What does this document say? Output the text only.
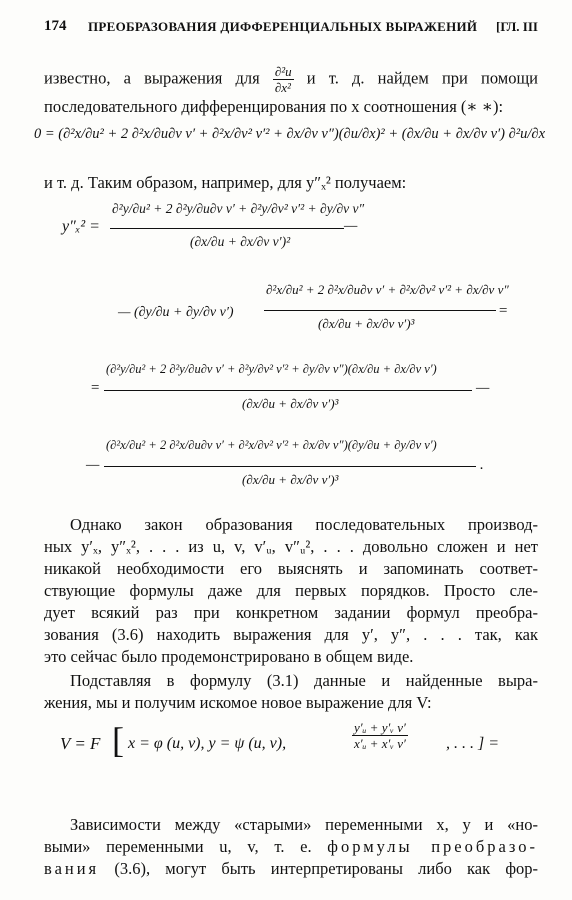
174 ПРЕОБРАЗОВАНИЯ ДИФФЕРЕНЦИАЛЬНЫХ ВЫРАЖЕНИЙ [ГЛ. III
известно, а выражения для $\frac{\text{∂²u}}{\text{∂x²}}$ и т. д. найдем при помощи
последовательного дифференцирования по x соотношения (∗ ∗):
0 = (∂²x/∂u² + 2 ∂²x/∂u∂v v′ + ∂²x/∂v² v′² + ∂x/∂v v″)(∂u/∂x)² + (∂x/∂u + ∂x/∂v v′) ∂²u/∂x
и т. д. Таким образом, например, для y″ₓ² получаем:
y″ₓ² =
∂²y/∂u² + 2 ∂²y/∂u∂v v′ + ∂²y/∂v² v′² + ∂y/∂v v″
(∂x/∂u + ∂x/∂v v′)²
—
— (∂y/∂u + ∂y/∂v v′)
∂²x/∂u² + 2 ∂²x/∂u∂v v′ + ∂²x/∂v² v′² + ∂x/∂v v″
(∂x/∂u + ∂x/∂v v′)³
=
=
(∂²y/∂u² + 2 ∂²y/∂u∂v v′ + ∂²y/∂v² v′² + ∂y/∂v v″)(∂x/∂u + ∂x/∂v v′)
(∂x/∂u + ∂x/∂v v′)³
—
—
(∂²x/∂u² + 2 ∂²x/∂u∂v v′ + ∂²x/∂v² v′² + ∂x/∂v v″)(∂y/∂u + ∂y/∂v v′)
(∂x/∂u + ∂x/∂v v′)³
.
Однако закон образования последовательных производ-
ных y′ₓ, y″ₓ², . . . из u, v, v′ᵤ, v″ᵤ², . . . довольно сложен и нет
никакой необходимости его выяснять и запоминать соответ-
ствующие формулы даже для первых порядков. Просто сле-
дует всякий раз при конкретном задании формул преобра-
зования (3.6) находить выражения для y′, y″, . . . так, как
это сейчас было продемонстрировано в общем виде.
Подставляя в формулу (3.1) данные и найденные выра-
жения, мы и получим искомое новое выражение для V:
V = F [ x = φ (u, v), y = ψ (u, v),	$\frac{\text{y′ᵤ + y′ᵥ v′}}{\text{x′ᵤ + x′ᵥ v′}}$ , . . . ] =
Зависимости между «старыми» переменными x, y и «но-
выми» переменными u, v, т. е. формулы преобразо-
вания (3.6), могут быть интерпретированы либо как фор-
